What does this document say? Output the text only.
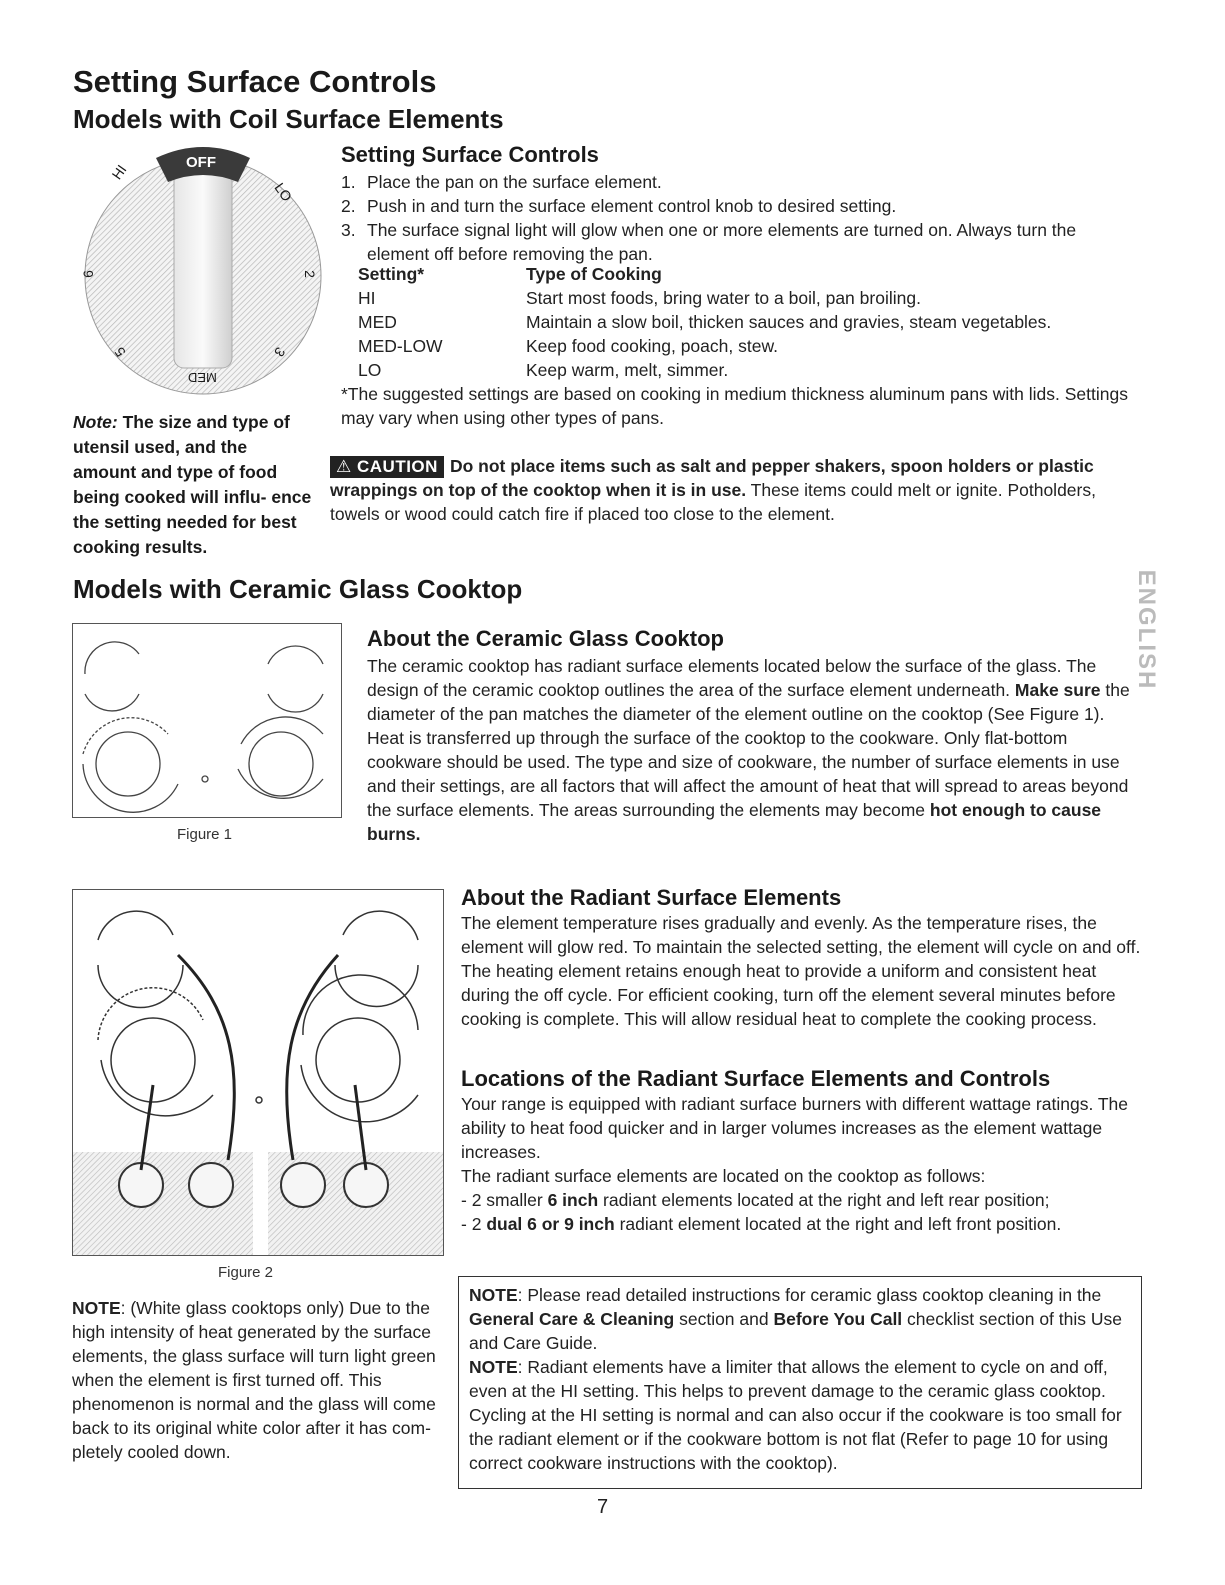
Setting Surface Controls
Models with Coil Surface Elements
OFF
HI
LO
6	2
5	3
MED
Setting Surface Controls
1. Place the pan on the surface element.
2. Push in and turn the surface element control knob to desired setting.
3. The surface signal light will glow when one or more elements are turned on. Always turn the element off before removing the pan.
Setting*	Type of Cooking
HI	Start most foods, bring water to a boil, pan broiling.
MED	Maintain a slow boil, thicken sauces and gravies, steam vegetables.
MED-LOW	Keep food cooking, poach, stew.
LO	Keep warm, melt, simmer.
*The suggested settings are based on cooking in medium thickness aluminum pans with lids. Settings may vary when using other types of pans.
Note: The size and type of utensil used, and the amount and type of food being cooked will influ- ence the setting needed for best cooking results.
⚠ CAUTION Do not place items such as salt and pepper shakers, spoon holders or plastic wrappings on top of the cooktop when it is in use. These items could melt or ignite. Potholders, towels or wood could catch fire if placed too close to the element.
Models with Ceramic Glass Cooktop	ENGLISH
Figure 1
About the Ceramic Glass Cooktop
The ceramic cooktop has radiant surface elements located below the surface of the glass. The design of the ceramic cooktop outlines the area of the surface element underneath. Make sure the diameter of the pan matches the diameter of the element outline on the cooktop (See Figure 1).
Heat is transferred up through the surface of the cooktop to the cookware. Only flat-bottom cookware should be used. The type and size of cookware, the number of surface elements in use and their settings, are all factors that will affect the amount of heat that will spread to areas beyond the surface elements. The areas surrounding the elements may become hot enough to cause burns.
Figure 2
NOTE: (White glass cooktops only) Due to the high intensity of heat generated by the surface elements, the glass surface will turn light green when the element is first turned off. This phenomenon is normal and the glass will come back to its original white color after it has com- pletely cooled down.
About the Radiant Surface Elements
The element temperature rises gradually and evenly. As the temperature rises, the element will glow red. To maintain the selected setting, the element will cycle on and off. The heating element retains enough heat to provide a uniform and consistent heat during the off cycle. For efficient cooking, turn off the element several minutes before cooking is complete. This will allow residual heat to complete the cooking process.
Locations of the Radiant Surface Elements and Controls
Your range is equipped with radiant surface burners with different wattage ratings. The ability to heat food quicker and in larger volumes increases as the element wattage increases.
The radiant surface elements are located on the cooktop as follows:
- 2 smaller 6 inch radiant elements located at the right and left rear position;
- 2 dual 6 or 9 inch radiant element located at the right and left front position.
NOTE: Please read detailed instructions for ceramic glass cooktop cleaning in the General Care & Cleaning section and Before You Call checklist section of this Use and Care Guide.
NOTE: Radiant elements have a limiter that allows the element to cycle on and off, even at the HI setting. This helps to prevent damage to the ceramic glass cooktop. Cycling at the HI setting is normal and can also occur if the cookware is too small for the radiant element or if the cookware bottom is not flat (Refer to page 10 for using correct cookware instructions with the cooktop).
7
